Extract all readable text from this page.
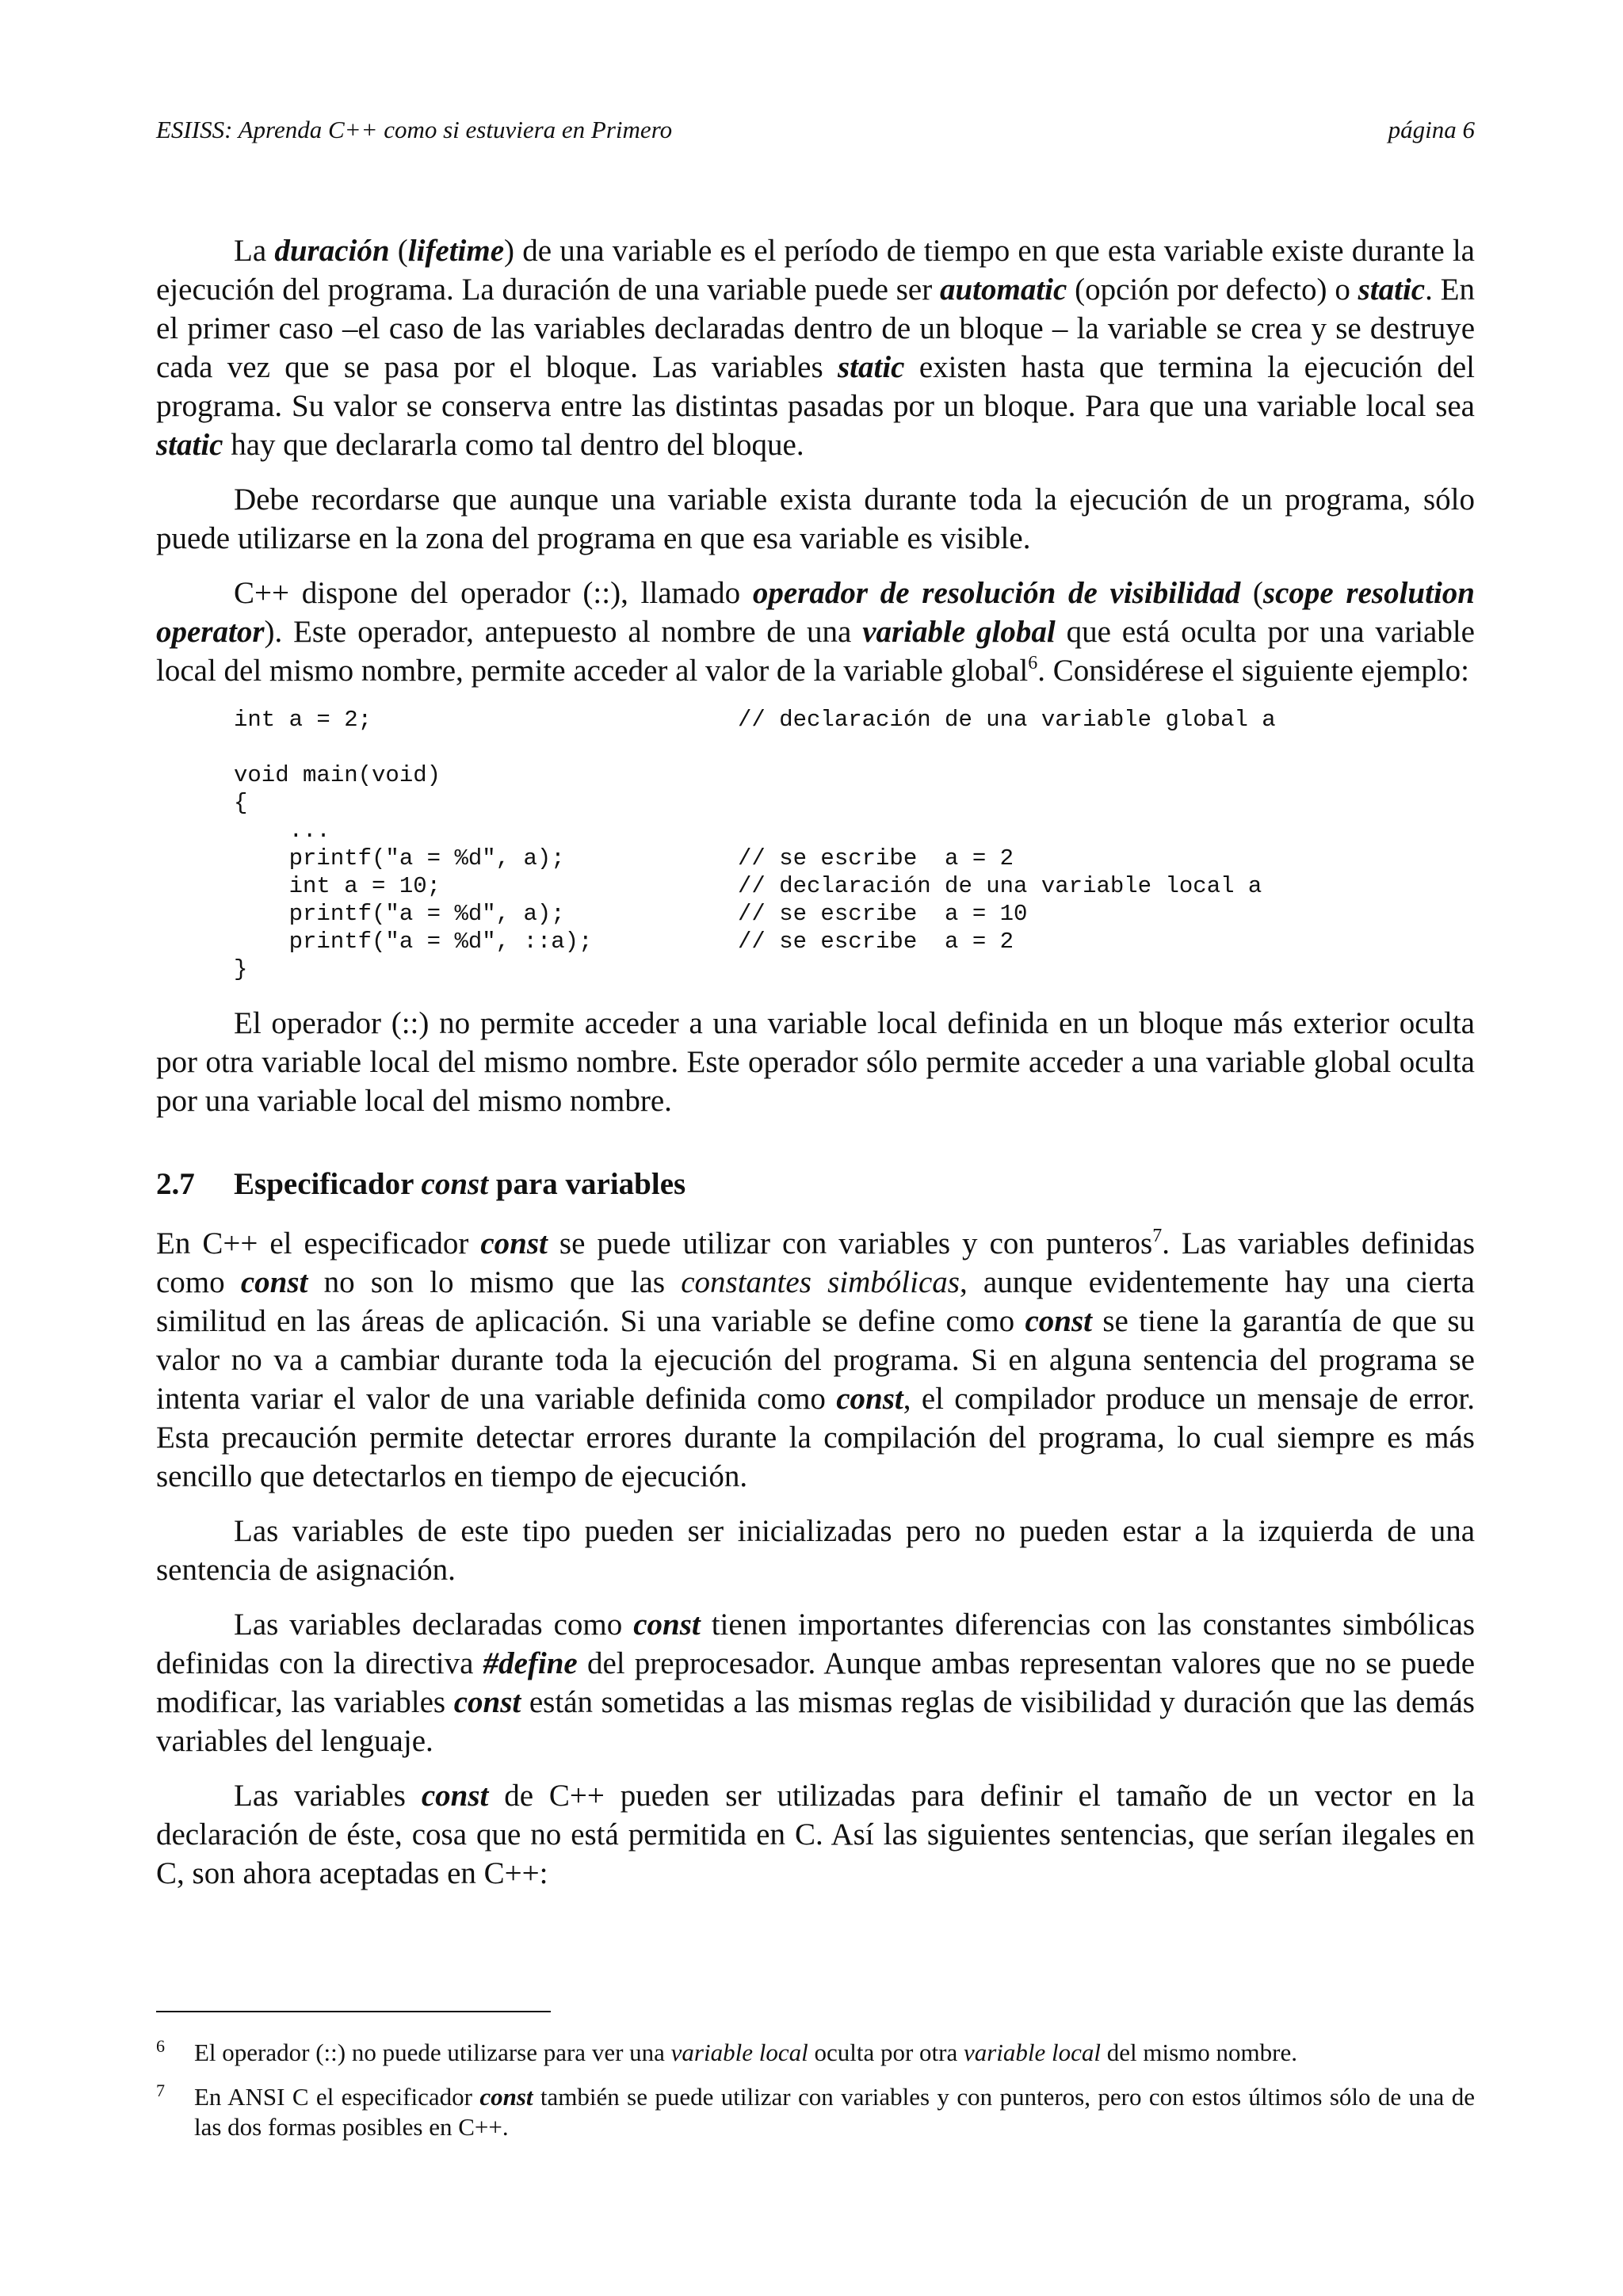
ESIISS: Aprenda C++ como si estuviera en Primero	página 6

La duración (lifetime) de una variable es el período de tiempo en que esta variable existe durante la ejecución del programa. La duración de una variable puede ser automatic (opción por defecto) o static. En el primer caso –el caso de las variables declaradas dentro de un bloque – la variable se crea y se destruye cada vez que se pasa por el bloque. Las variables static existen hasta que termina la ejecución del programa. Su valor se conserva entre las distintas pasadas por un bloque. Para que una variable local sea static hay que declararla como tal dentro del bloque.

Debe recordarse que aunque una variable exista durante toda la ejecución de un programa, sólo puede utilizarse en la zona del programa en que esa variable es visible.

C++ dispone del operador (::), llamado operador de resolución de visibilidad (scope resolution operator). Este operador, antepuesto al nombre de una variable global que está oculta por una variable local del mismo nombre, permite acceder al valor de la variable global$^6$. Considérese el siguiente ejemplo:

int a = 2;	// declaración de una variable global a
void main(void)
{
...
printf("a = %d", a);	// se escribe  a = 2
int a = 10;	// declaración de una variable local a
printf("a = %d", a);	// se escribe  a = 10
printf("a = %d", ::a);	// se escribe  a = 2
}

El operador (::) no permite acceder a una variable local definida en un bloque más exterior oculta por otra variable local del mismo nombre. Este operador sólo permite acceder a una variable global oculta por una variable local del mismo nombre.

2.7	Especificador const para variables

En C++ el especificador const se puede utilizar con variables y con punteros$^7$. Las variables definidas como const no son lo mismo que las constantes simbólicas, aunque evidentemente hay una cierta similitud en las áreas de aplicación. Si una variable se define como const se tiene la garantía de que su valor no va a cambiar durante toda la ejecución del programa. Si en alguna sentencia del programa se intenta variar el valor de una variable definida como const, el compilador produce un mensaje de error. Esta precaución permite detectar errores durante la compilación del programa, lo cual siempre es más sencillo que detectarlos en tiempo de ejecución.

Las variables de este tipo pueden ser inicializadas pero no pueden estar a la izquierda de una sentencia de asignación.

Las variables declaradas como const tienen importantes diferencias con las constantes simbólicas definidas con la directiva #define del preprocesador. Aunque ambas representan valores que no se puede modificar, las variables const están sometidas a las mismas reglas de visibilidad y duración que las demás variables del lenguaje.

Las variables const de C++ pueden ser utilizadas para definir el tamaño de un vector en la declaración de éste, cosa que no está permitida en C. Así las siguientes sentencias, que serían ilegales en C, son ahora aceptadas en C++:

6	El operador (::) no puede utilizarse para ver una variable local oculta por otra variable local del mismo nombre.
7	En ANSI C el especificador const también se puede utilizar con variables y con punteros, pero con estos últimos sólo de una de las dos formas posibles en C++.
